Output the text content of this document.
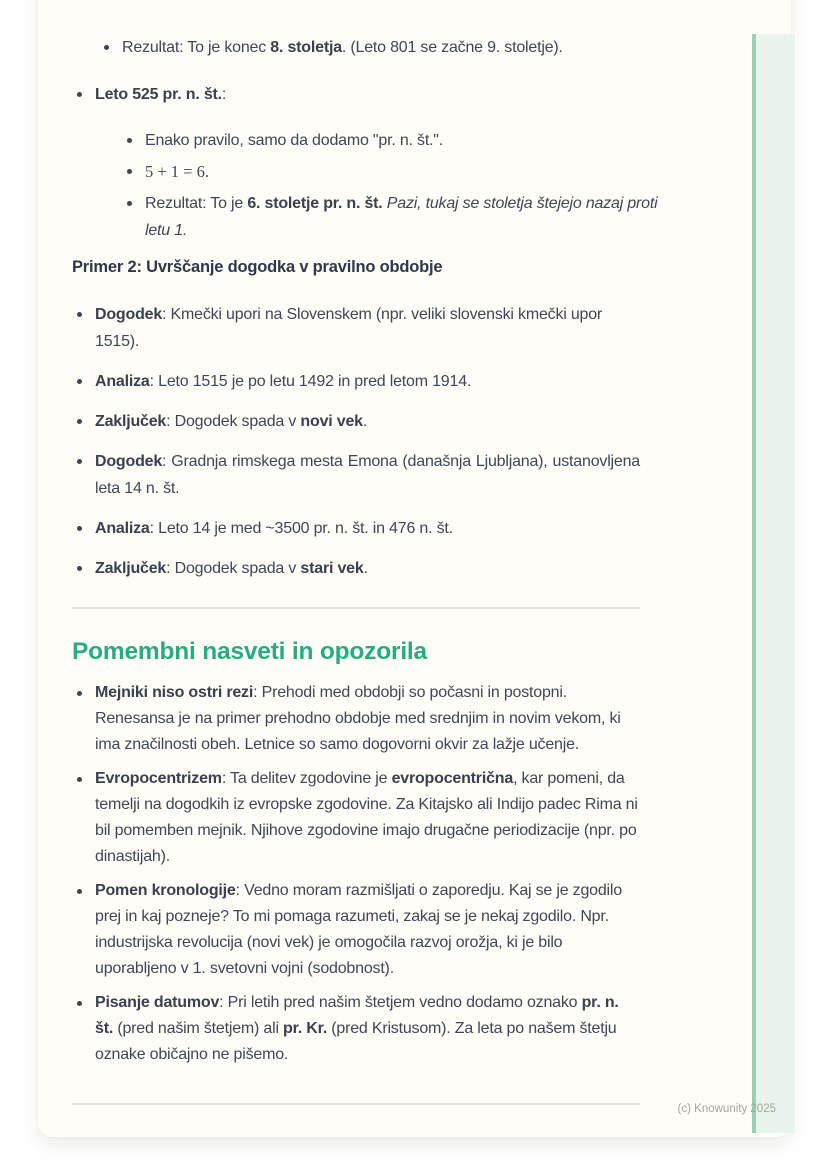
Rezultat: To je konec 8. stoletja. (Leto 801 se začne 9. stoletje).
Leto 525 pr. n. št.:
Enako pravilo, samo da dodamo "pr. n. št.".
5 + 1 = 6.
Rezultat: To je 6. stoletje pr. n. št. Pazi, tukaj se stoletja štejejo nazaj proti letu 1.
Primer 2: Uvrščanje dogodka v pravilno obdobje
Dogodek: Kmečki upori na Slovenskem (npr. veliki slovenski kmečki upor 1515).
Analiza: Leto 1515 je po letu 1492 in pred letom 1914.
Zaključek: Dogodek spada v novi vek.
Dogodek: Gradnja rimskega mesta Emona (današnja Ljubljana), ustanovljena leta 14 n. št.
Analiza: Leto 14 je med ~3500 pr. n. št. in 476 n. št.
Zaključek: Dogodek spada v stari vek.
Pomembni nasveti in opozorila
Mejniki niso ostri rezi: Prehodi med obdobji so počasni in postopni. Renesansa je na primer prehodno obdobje med srednjim in novim vekom, ki ima značilnosti obeh. Letnice so samo dogovorni okvir za lažje učenje.
Evropocentrizem: Ta delitev zgodovine je evropocentrična, kar pomeni, da temelji na dogodkih iz evropske zgodovine. Za Kitajsko ali Indijo padec Rima ni bil pomemben mejnik. Njihove zgodovine imajo drugačne periodizacije (npr. po dinastijah).
Pomen kronologije: Vedno moram razmišljati o zaporedju. Kaj se je zgodilo prej in kaj pozneje? To mi pomaga razumeti, zakaj se je nekaj zgodilo. Npr. industrijska revolucija (novi vek) je omogočila razvoj orožja, ki je bilo uporabljeno v 1. svetovni vojni (sodobnost).
Pisanje datumov: Pri letih pred našim štetjem vedno dodamo oznako pr. n. št. (pred našim štetjem) ali pr. Kr. (pred Kristusom). Za leta po našem štetju oznake običajno ne pišemo.
(c) Knowunity 2025
